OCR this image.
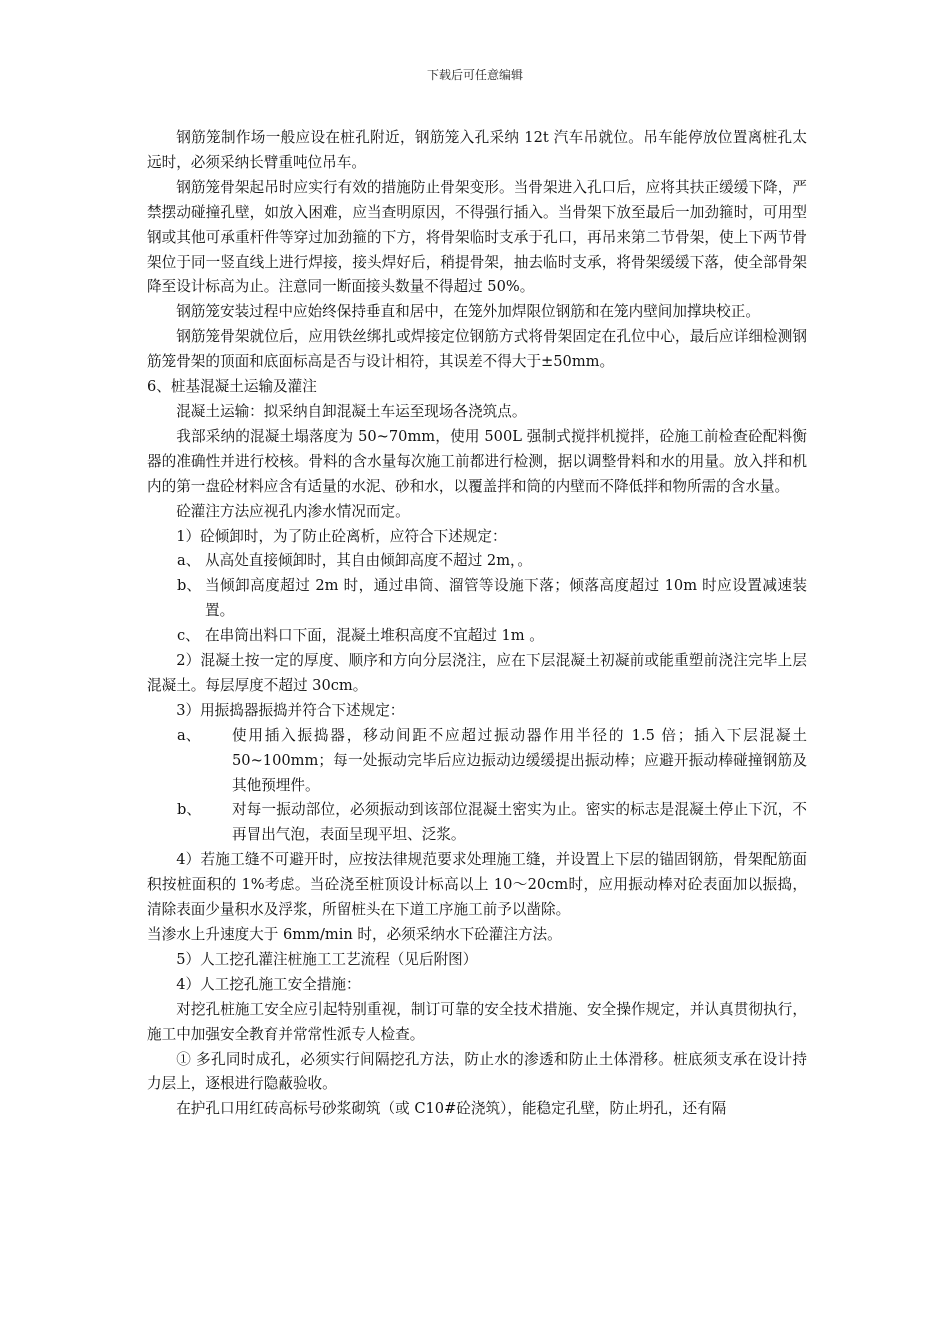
下载后可任意编辑

钢筋笼制作场一般应设在桩孔附近，钢筋笼入孔采纳 12t 汽车吊就位。吊车能停放位置离桩孔太远时，必须采纳长臂重吨位吊车。

钢筋笼骨架起吊时应实行有效的措施防止骨架变形。当骨架进入孔口后，应将其扶正缓缓下降，严禁摆动碰撞孔壁，如放入困难，应当查明原因，不得强行插入。当骨架下放至最后一加劲箍时，可用型钢或其他可承重杆件等穿过加劲箍的下方，将骨架临时支承于孔口，再吊来第二节骨架，使上下两节骨架位于同一竖直线上进行焊接，接头焊好后，稍提骨架，抽去临时支承，将骨架缓缓下落，使全部骨架降至设计标高为止。注意同一断面接头数量不得超过 50%。

钢筋笼安装过程中应始终保持垂直和居中，在笼外加焊限位钢筋和在笼内壁间加撑块校正。

钢筋笼骨架就位后，应用铁丝绑扎或焊接定位钢筋方式将骨架固定在孔位中心，最后应详细检测钢筋笼骨架的顶面和底面标高是否与设计相符，其误差不得大于±50mm。

6、桩基混凝土运输及灌注

混凝土运输：拟采纳自卸混凝土车运至现场各浇筑点。

我部采纳的混凝土塌落度为 50~70mm，使用 500L 强制式搅拌机搅拌，砼施工前检查砼配料衡器的准确性并进行校核。骨料的含水量每次施工前都进行检测，据以调整骨料和水的用量。放入拌和机内的第一盘砼材料应含有适量的水泥、砂和水，以覆盖拌和筒的内壁而不降低拌和物所需的含水量。

砼灌注方法应视孔内渗水情况而定。

1）砼倾卸时，为了防止砼离析，应符合下述规定：

a、 从高处直接倾卸时，其自由倾卸高度不超过 2m，。
b、 当倾卸高度超过 2m 时，通过串筒、溜管等设施下落；倾落高度超过 10m 时应设置减速装置。
c、 在串筒出料口下面，混凝土堆积高度不宜超过 1m 。

2）混凝土按一定的厚度、顺序和方向分层浇注，应在下层混凝土初凝前或能重塑前浇注完毕上层混凝土。每层厚度不超过 30cm。

3）用振捣器振捣并符合下述规定：

a、	使用插入振捣器，移动间距不应超过振动器作用半径的 1.5 倍；插入下层混凝土 50~100mm；每一处振动完毕后应边振动边缓缓提出振动棒；应避开振动棒碰撞钢筋及其他预埋件。
b、	对每一振动部位，必须振动到该部位混凝土密实为止。密实的标志是混凝土停止下沉，不再冒出气泡，表面呈现平坦、泛浆。

4）若施工缝不可避开时，应按法律规范要求处理施工缝，并设置上下层的锚固钢筋，骨架配筋面积按桩面积的 1%考虑。当砼浇至桩顶设计标高以上 10～20cm时，应用振动棒对砼表面加以振捣，清除表面少量积水及浮浆，所留桩头在下道工序施工前予以凿除。

当渗水上升速度大于 6mm/min 时，必须采纳水下砼灌注方法。

5）人工挖孔灌注桩施工工艺流程（见后附图）

4）人工挖孔施工安全措施：

对挖孔桩施工安全应引起特别重视，制订可靠的安全技术措施、安全操作规定，并认真贯彻执行，施工中加强安全教育并常常性派专人检查。

① 多孔同时成孔，必须实行间隔挖孔方法，防止水的渗透和防止土体滑移。桩底须支承在设计持力层上，逐根进行隐蔽验收。

在护孔口用红砖高标号砂浆砌筑（或 C10#砼浇筑），能稳定孔壁，防止坍孔，还有隔
